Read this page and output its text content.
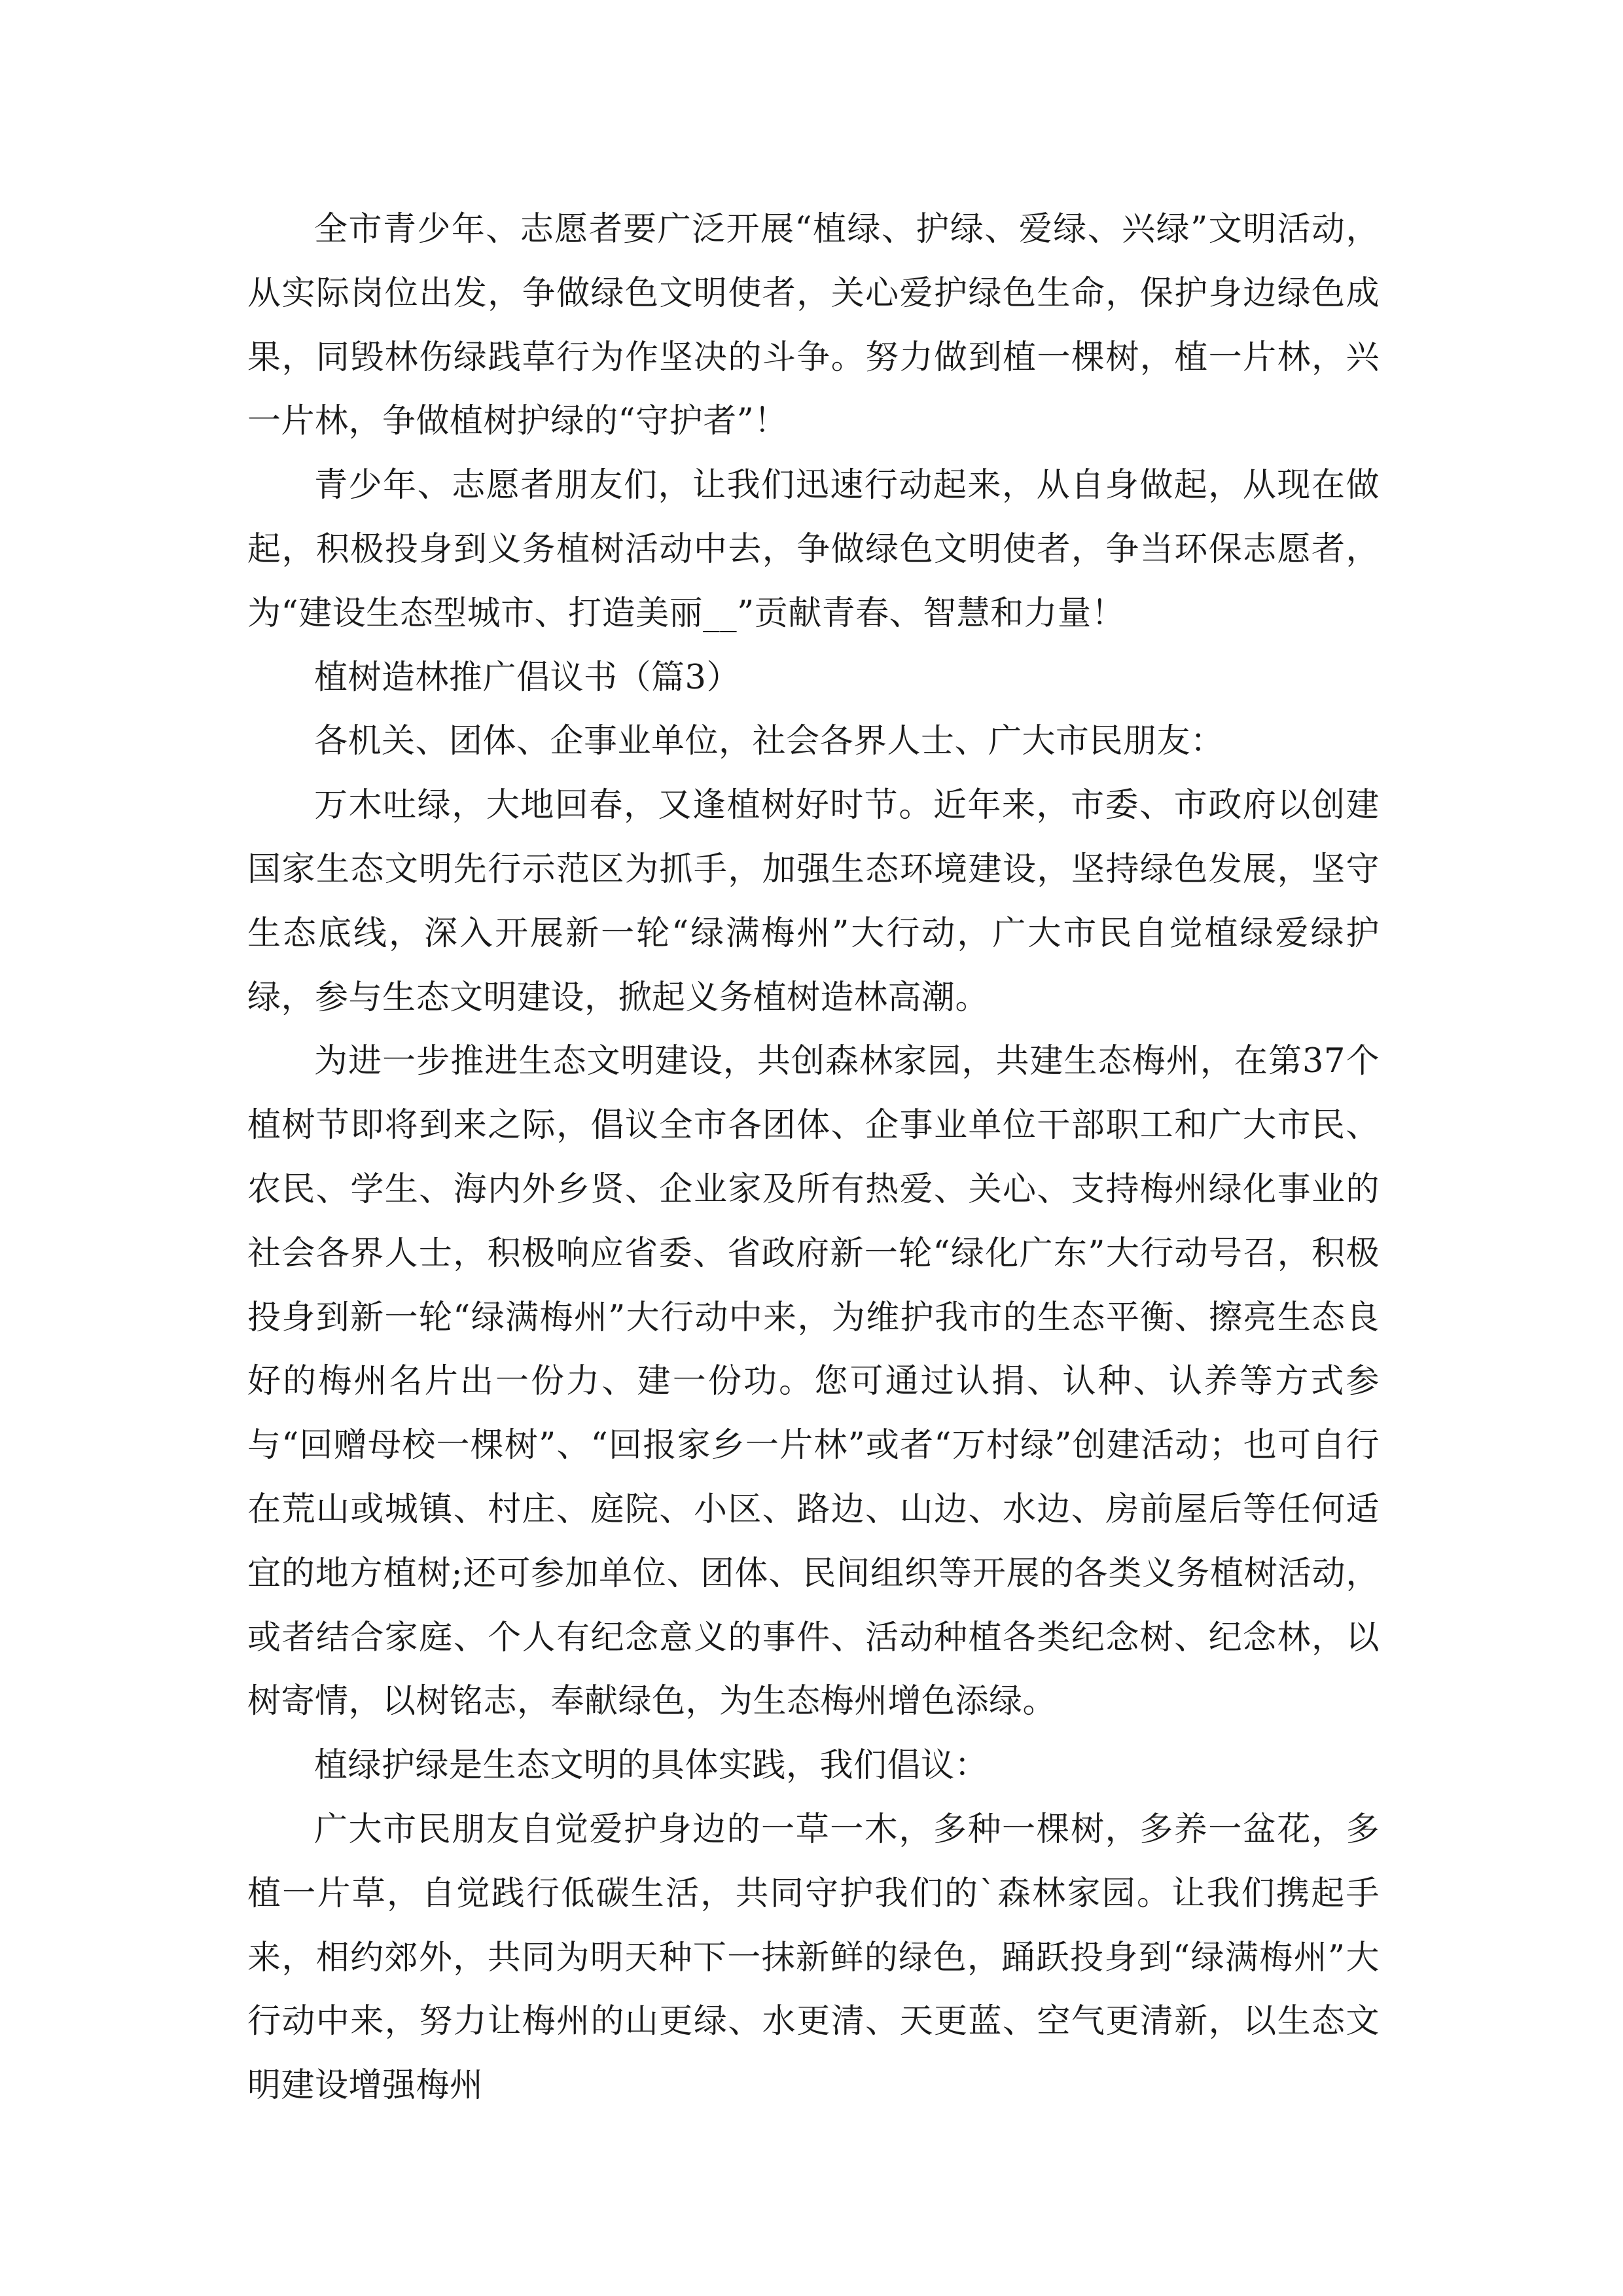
全市青少年、志愿者要广泛开展“植绿、护绿、爱绿、兴绿”文明活动，从实际岗位出发，争做绿色文明使者，关心爱护绿色生命，保护身边绿色成果，同毁林伤绿践草行为作坚决的斗争。努力做到植一棵树，植一片林，兴一片林，争做植树护绿的“守护者”！

青少年、志愿者朋友们，让我们迅速行动起来，从自身做起，从现在做起，积极投身到义务植树活动中去，争做绿色文明使者，争当环保志愿者，为“建设生态型城市、打造美丽__”贡献青春、智慧和力量！

植树造林推广倡议书（篇3）

各机关、团体、企事业单位，社会各界人士、广大市民朋友：

万木吐绿，大地回春，又逢植树好时节。近年来，市委、市政府以创建国家生态文明先行示范区为抓手，加强生态环境建设，坚持绿色发展，坚守生态底线，深入开展新一轮“绿满梅州”大行动，广大市民自觉植绿爱绿护绿，参与生态文明建设，掀起义务植树造林高潮。

为进一步推进生态文明建设，共创森林家园，共建生态梅州，在第37个植树节即将到来之际，倡议全市各团体、企事业单位干部职工和广大市民、农民、学生、海内外乡贤、企业家及所有热爱、关心、支持梅州绿化事业的社会各界人士，积极响应省委、省政府新一轮“绿化广东”大行动号召，积极投身到新一轮“绿满梅州”大行动中来，为维护我市的生态平衡、擦亮生态良好的梅州名片出一份力、建一份功。您可通过认捐、认种、认养等方式参与“回赠母校一棵树”、“回报家乡一片林”或者“万村绿”创建活动；也可自行在荒山或城镇、村庄、庭院、小区、路边、山边、水边、房前屋后等任何适宜的地方植树;还可参加单位、团体、民间组织等开展的各类义务植树活动，或者结合家庭、个人有纪念意义的事件、活动种植各类纪念树、纪念林，以树寄情，以树铭志，奉献绿色，为生态梅州增色添绿。

植绿护绿是生态文明的具体实践，我们倡议：

广大市民朋友自觉爱护身边的一草一木，多种一棵树，多养一盆花，多植一片草，自觉践行低碳生活，共同守护我们的`森林家园。让我们携起手来，相约郊外，共同为明天种下一抹新鲜的绿色，踊跃投身到“绿满梅州”大行动中来，努力让梅州的山更绿、水更清、天更蓝、空气更清新，以生态文明建设增强梅州
